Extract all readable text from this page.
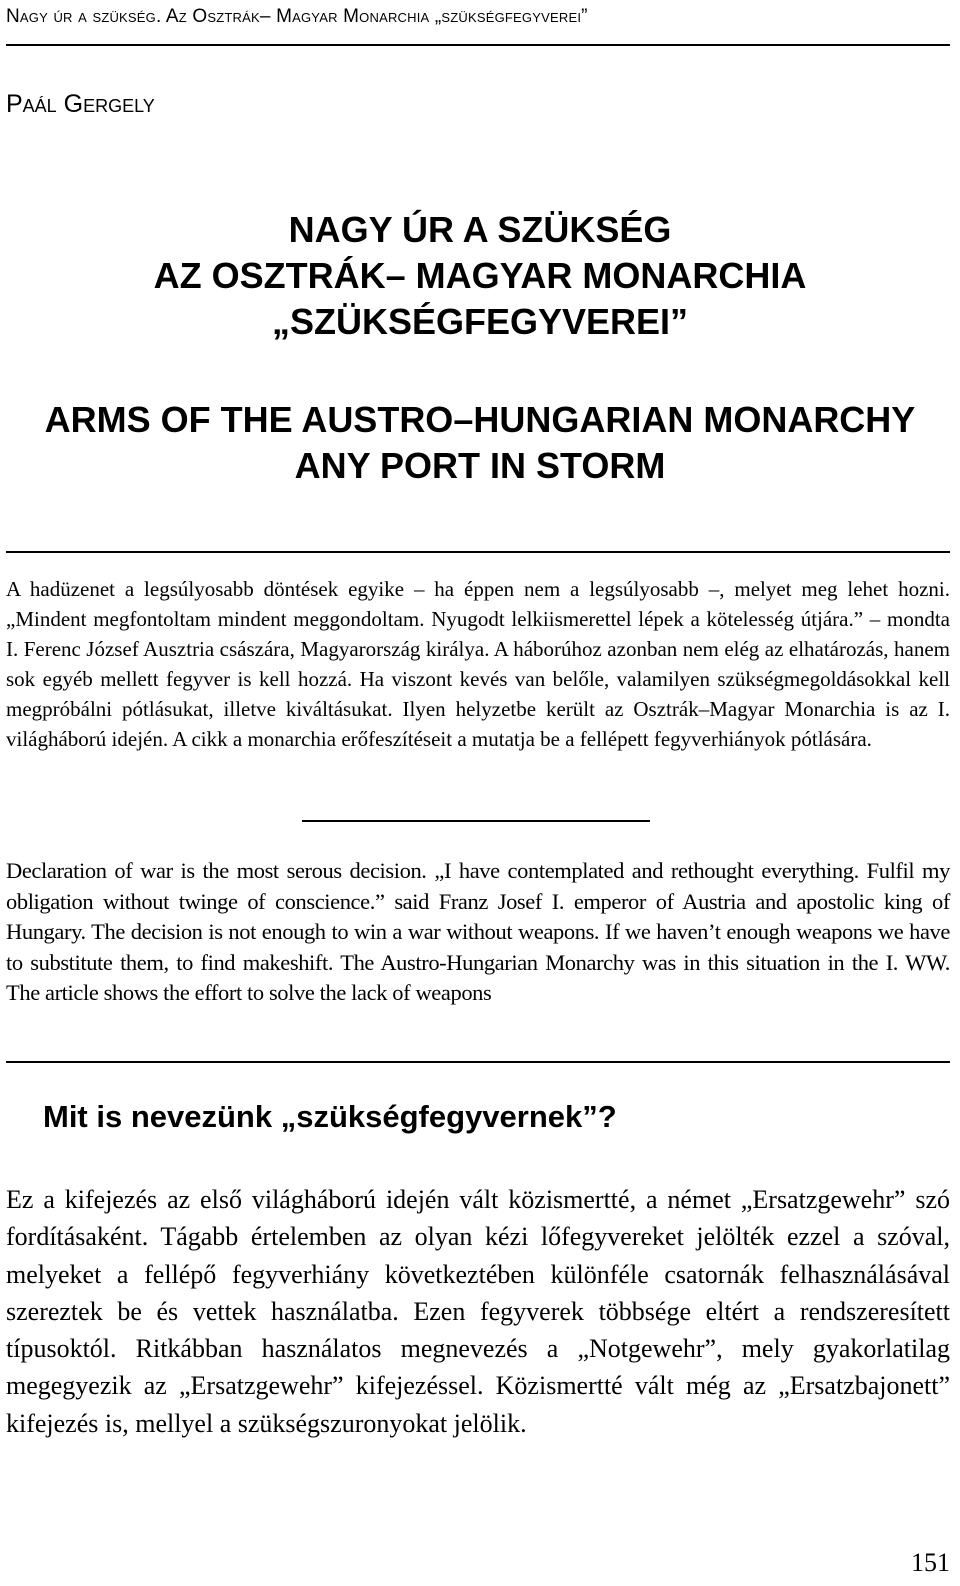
Nagy úr a szükség. Az Osztrák– Magyar Monarchia „szükségfegyverei”
Paál Gergely
NAGY ÚR A SZÜKSÉG
AZ OSZTRÁK– MAGYAR MONARCHIA
„SZÜKSÉGFEGYVEREI”
ARMS OF THE AUSTRO–HUNGARIAN MONARCHY
ANY PORT IN STORM

A hadüzenet a legsúlyosabb döntések egyike – ha éppen nem a legsúlyosabb –, melyet meg lehet hozni. „Mindent megfontoltam mindent meggondoltam. Nyugodt lelkiismerettel lépek a kötelesség útjára.” – mondta I. Ferenc József Ausztria császára, Magyarország királya. A háborúhoz azonban nem elég az elhatározás, hanem sok egyéb mellett fegyver is kell hozzá. Ha viszont kevés van belőle, valamilyen szükségmegoldásokkal kell megpróbálni pótlásukat, illetve kiváltásukat. Ilyen helyzetbe került az Osztrák–Magyar Monarchia is az I. világháború idején. A cikk a monarchia erőfeszítéseit a mutatja be a fellépett fegyverhiányok pótlására.

Declaration of war is the most serous decision. „I have contemplated and rethought everything. Fulfil my obligation without twinge of conscience.” said Franz Josef I. emperor of Austria and apostolic king of Hungary. The decision is not enough to win a war without weapons. If we haven’t enough weapons we have to substitute them, to find makeshift. The Austro-Hungarian Monarchy was in this situation in the I. WW. The article shows the effort to solve the lack of weapons

Mit is nevezünk „szükségfegyvernek”?

Ez a kifejezés az első világháború idején vált közismertté, a német „Ersatzgewehr” szó fordításaként. Tágabb értelemben az olyan kézi lőfegyvereket jelölték ezzel a szóval, melyeket a fellépő fegyverhiány következtében különféle csatornák felhasználásával szereztek be és vettek használatba. Ezen fegyverek többsége eltért a rendszeresített típusoktól. Ritkábban használatos megnevezés a „Notgewehr”, mely gyakorlatilag megegyezik az „Ersatzgewehr” kifejezéssel. Közismertté vált még az „Ersatzbajonett” kifejezés is, mellyel a szükségszuronyokat jelölik.

151
